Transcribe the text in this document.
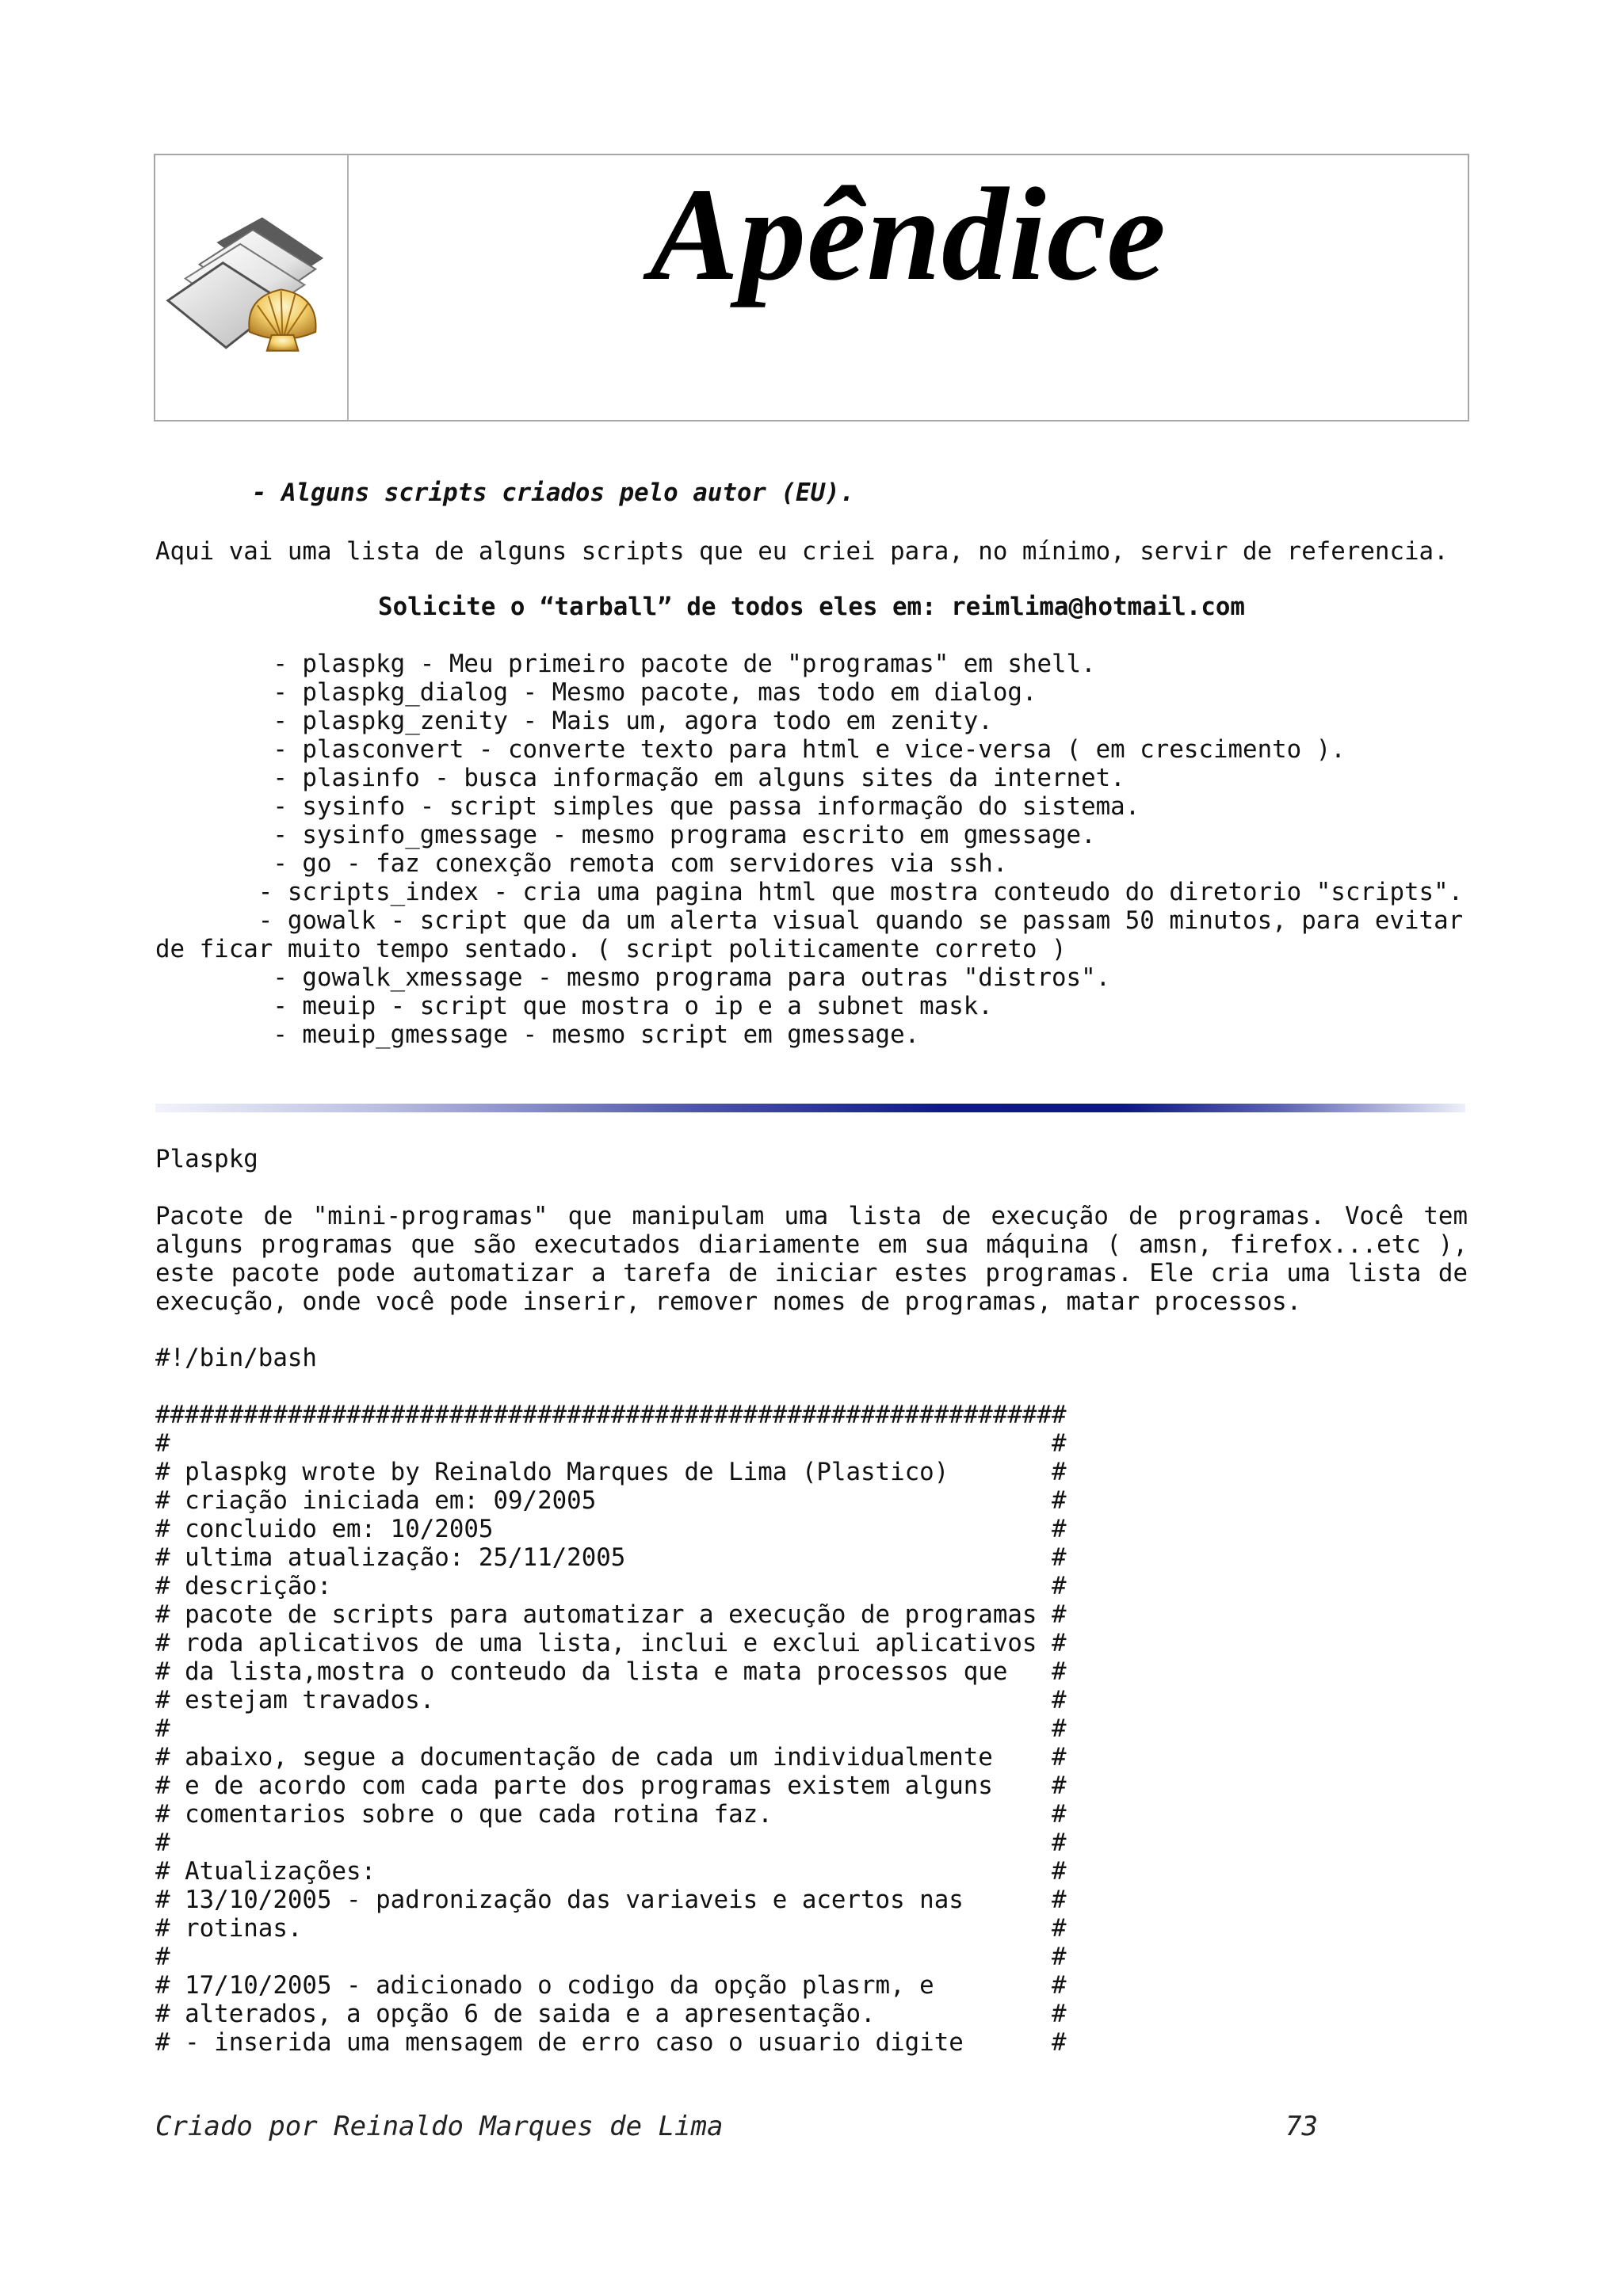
Apêndice
- Alguns scripts criados pelo autor (EU).
Aqui vai uma lista de alguns scripts que eu criei para, no mínimo, servir de referencia.
Solicite o “tarball” de todos eles em: reimlima@hotmail.com
- plaspkg - Meu primeiro pacote de "programas" em shell.
- plaspkg_dialog - Mesmo pacote, mas todo em dialog.
- plaspkg_zenity - Mais um, agora todo em zenity.
- plasconvert - converte texto para html e vice-versa ( em crescimento ).
- plasinfo - busca informação em alguns sites da internet.
- sysinfo - script simples que passa informação do sistema.
- sysinfo_gmessage - mesmo programa escrito em gmessage.
- go - faz conexção remota com servidores via ssh.
- scripts_index - cria uma pagina html que mostra conteudo do diretorio "scripts".
- gowalk - script que da um alerta visual quando se passam 50 minutos, para evitar
de ficar muito tempo sentado. ( script politicamente correto )
- gowalk_xmessage - mesmo programa para outras "distros".
- meuip - script que mostra o ip e a subnet mask.
- meuip_gmessage - mesmo script em gmessage.
Plaspkg
Pacote de "mini-programas" que manipulam uma lista de execução de programas. Você tem
alguns programas que são executados diariamente em sua máquina ( amsn, firefox...etc ),
este pacote pode automatizar a tarefa de iniciar estes programas. Ele cria uma lista de
execução, onde você pode inserir, remover nomes de programas, matar processos.
#!/bin/bash
##############################################################
#	#
# plaspkg wrote by Reinaldo Marques de Lima (Plastico)	#
# criação iniciada em: 09/2005	#
# concluido em: 10/2005	#
# ultima atualização: 25/11/2005	#
# descrição:	#
# pacote de scripts para automatizar a execução de programas #
# roda aplicativos de uma lista, inclui e exclui aplicativos #
# da lista,mostra o conteudo da lista e mata processos que #
# estejam travados.	#
#	#
# abaixo, segue a documentação de cada um individualmente #
# e de acordo com cada parte dos programas existem alguns #
# comentarios sobre o que cada rotina faz.	#
#	#
# Atualizações:	#
# 13/10/2005 - padronização das variaveis e acertos nas	#
# rotinas.	#
#	#
# 17/10/2005 - adicionado o codigo da opção plasrm, e	#
# alterados, a opção 6 de saida e a apresentação.	#
# - inserida uma mensagem de erro caso o usuario digite	#
Criado por Reinaldo Marques de Lima	73
